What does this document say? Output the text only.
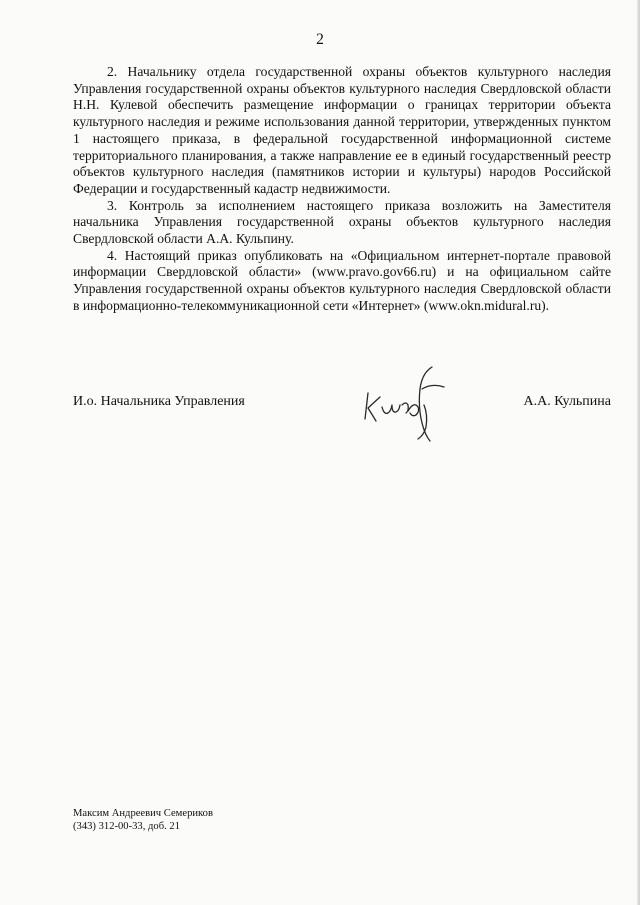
2

2. Начальнику отдела государственной охраны объектов культурного наследия Управления государственной охраны объектов культурного наследия Свердловской области Н.Н. Кулевой обеспечить размещение информации о границах территории объекта культурного наследия и режиме использования данной территории, утвержденных пунктом 1 настоящего приказа, в федеральной государственной информационной системе территориального планирования, а также направление ее в единый государственный реестр объектов культурного наследия (памятников истории и культуры) народов Российской Федерации и государственный кадастр недвижимости.

3. Контроль за исполнением настоящего приказа возложить на Заместителя начальника Управления государственной охраны объектов культурного наследия Свердловской области А.А. Кульпину.

4. Настоящий приказ опубликовать на «Официальном интернет-портале правовой информации Свердловской области» (www.pravo.gov66.ru) и на официальном сайте Управления государственной охраны объектов культурного наследия Свердловской области в информационно-телекоммуникационной сети «Интернет» (www.okn.midural.ru).

И.о. Начальника Управления	А.А. Кульпина
Максим Андреевич Семериков
(343) 312-00-33, доб. 21
